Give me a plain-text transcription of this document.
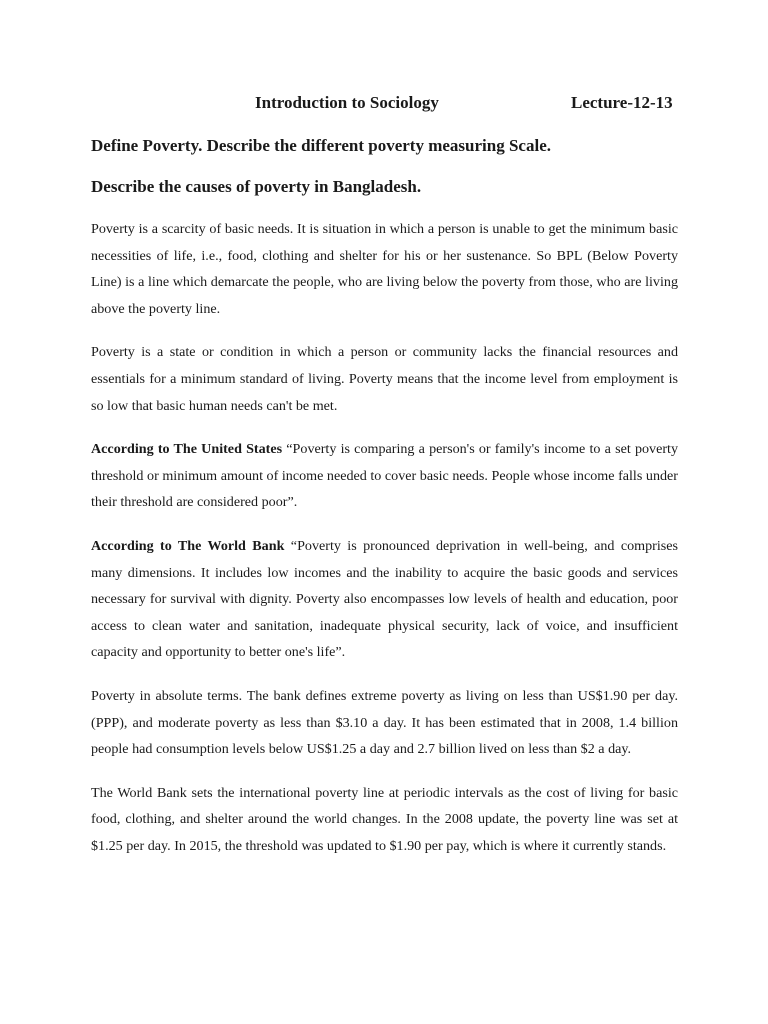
Introduction to Sociology	Lecture-12-13
Define Poverty. Describe the different poverty measuring Scale.
Describe the causes of poverty in Bangladesh.

Poverty is a scarcity of basic needs. It is situation in which a person is unable to get the minimum basic necessities of life, i.e., food, clothing and shelter for his or her sustenance. So BPL (Below Poverty Line) is a line which demarcate the people, who are living below the poverty from those, who are living above the poverty line.

Poverty is a state or condition in which a person or community lacks the financial resources and essentials for a minimum standard of living. Poverty means that the income level from employment is so low that basic human needs can't be met.

According to The United States “Poverty is comparing a person's or family's income to a set poverty threshold or minimum amount of income needed to cover basic needs. People whose income falls under their threshold are considered poor”.

According to The World Bank “Poverty is pronounced deprivation in well-being, and comprises many dimensions. It includes low incomes and the inability to acquire the basic goods and services necessary for survival with dignity. Poverty also encompasses low levels of health and education, poor access to clean water and sanitation, inadequate physical security, lack of voice, and insufficient capacity and opportunity to better one's life”.

Poverty in absolute terms. The bank defines extreme poverty as living on less than US$1.90 per day. (PPP), and moderate poverty as less than $3.10 a day. It has been estimated that in 2008, 1.4 billion people had consumption levels below US$1.25 a day and 2.7 billion lived on less than $2 a day.

The World Bank sets the international poverty line at periodic intervals as the cost of living for basic food, clothing, and shelter around the world changes. In the 2008 update, the poverty line was set at $1.25 per day. In 2015, the threshold was updated to $1.90 per pay, which is where it currently stands.
